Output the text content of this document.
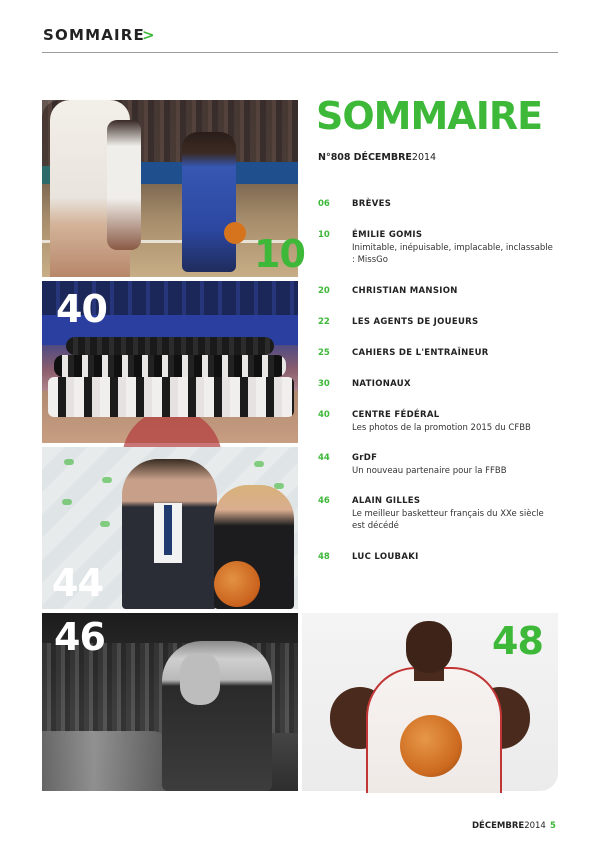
SOMMAIRE
>
10
40
44
46	48
SOMMAIRE
N°808 DÉCEMBRE2014
06	BRÈVES
10	ÉMILIE GOMIS
Inimitable, inépuisable, implacable, inclassable : MissGo
20	CHRISTIAN MANSION
22	LES AGENTS DE JOUEURS
25	CAHIERS DE L'ENTRAÎNEUR
30	NATIONAUX
40	CENTRE FÉDÉRAL
Les photos de la promotion 2015 du CFBB
44	GrDF
Un nouveau partenaire pour la FFBB
46	ALAIN GILLES
Le meilleur basketteur français du XXe siècle est décédé
48	LUC LOUBAKI
DÉCEMBRE2014 5
